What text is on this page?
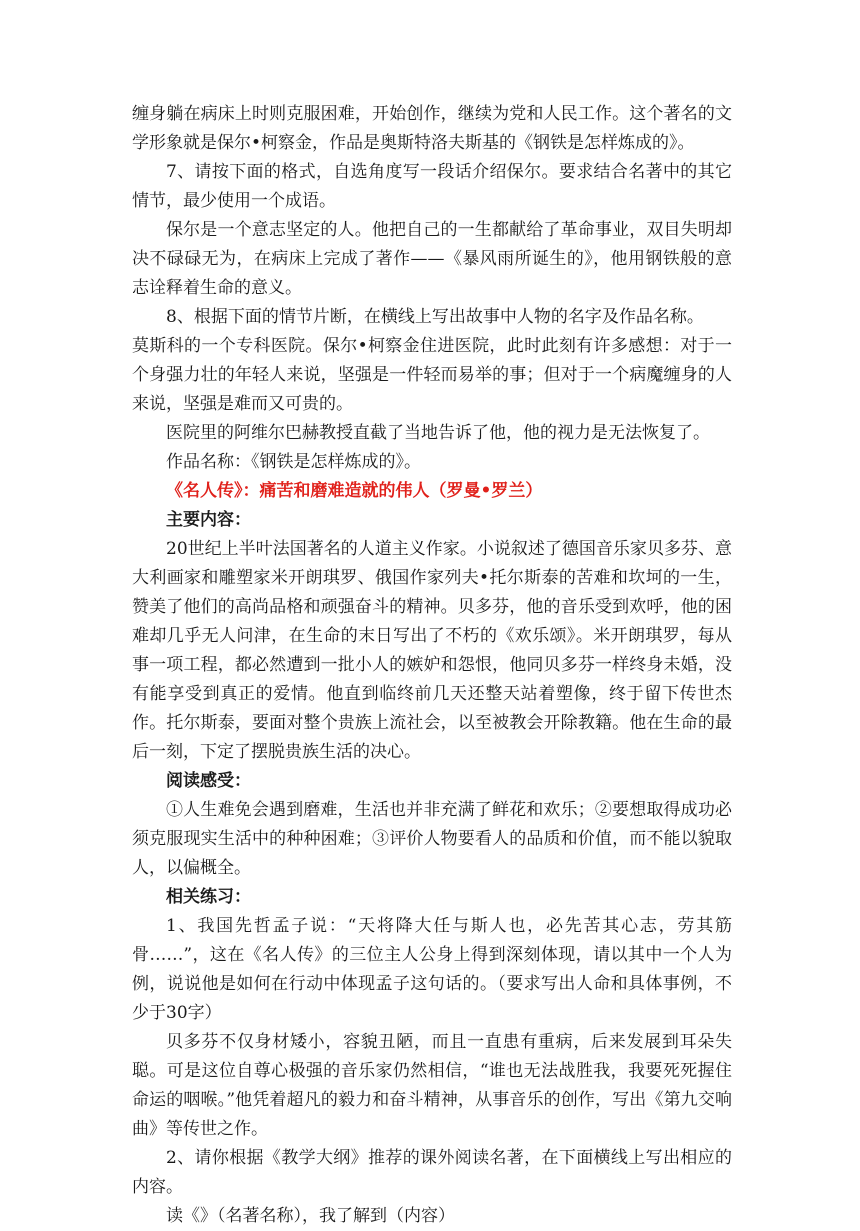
缠身躺在病床上时则克服困难，开始创作，继续为党和人民工作。这个著名的文学形象就是保尔•柯察金，作品是奥斯特洛夫斯基的《钢铁是怎样炼成的》。

7、请按下面的格式，自选角度写一段话介绍保尔。要求结合名著中的其它情节，最少使用一个成语。

保尔是一个意志坚定的人。他把自己的一生都献给了革命事业，双目失明却决不碌碌无为，在病床上完成了著作——《暴风雨所诞生的》，他用钢铁般的意志诠释着生命的意义。

8、根据下面的情节片断，在横线上写出故事中人物的名字及作品名称。

莫斯科的一个专科医院。保尔•柯察金住进医院，此时此刻有许多感想：对于一个身强力壮的年轻人来说，坚强是一件轻而易举的事；但对于一个病魔缠身的人来说，坚强是难而又可贵的。

医院里的阿维尔巴赫教授直截了当地告诉了他，他的视力是无法恢复了。

作品名称：《钢铁是怎样炼成的》。

《名人传》：痛苦和磨难造就的伟人（罗曼•罗兰）

主要内容：

20世纪上半叶法国著名的人道主义作家。小说叙述了德国音乐家贝多芬、意大利画家和雕塑家米开朗琪罗、俄国作家列夫•托尔斯泰的苦难和坎坷的一生，赞美了他们的高尚品格和顽强奋斗的精神。贝多芬，他的音乐受到欢呼，他的困难却几乎无人问津，在生命的末日写出了不朽的《欢乐颂》。米开朗琪罗，每从事一项工程，都必然遭到一批小人的嫉妒和怨恨，他同贝多芬一样终身未婚，没有能享受到真正的爱情。他直到临终前几天还整天站着塑像，终于留下传世杰作。托尔斯泰，要面对整个贵族上流社会，以至被教会开除教籍。他在生命的最后一刻，下定了摆脱贵族生活的决心。

阅读感受：

①人生难免会遇到磨难，生活也并非充满了鲜花和欢乐；②要想取得成功必须克服现实生活中的种种困难；③评价人物要看人的品质和价值，而不能以貌取人，以偏概全。

相关练习：

1、我国先哲孟子说：“天将降大任与斯人也，必先苦其心志，劳其筋骨……”，这在《名人传》的三位主人公身上得到深刻体现，请以其中一个人为例，说说他是如何在行动中体现孟子这句话的。（要求写出人命和具体事例，不少于30字）

贝多芬不仅身材矮小，容貌丑陋，而且一直患有重病，后来发展到耳朵失聪。可是这位自尊心极强的音乐家仍然相信，“谁也无法战胜我，我要死死握住命运的咽喉。”他凭着超凡的毅力和奋斗精神，从事音乐的创作，写出《第九交响曲》等传世之作。

2、请你根据《教学大纲》推荐的课外阅读名著，在下面横线上写出相应的内容。

读《》（名著名称），我了解到（内容）
